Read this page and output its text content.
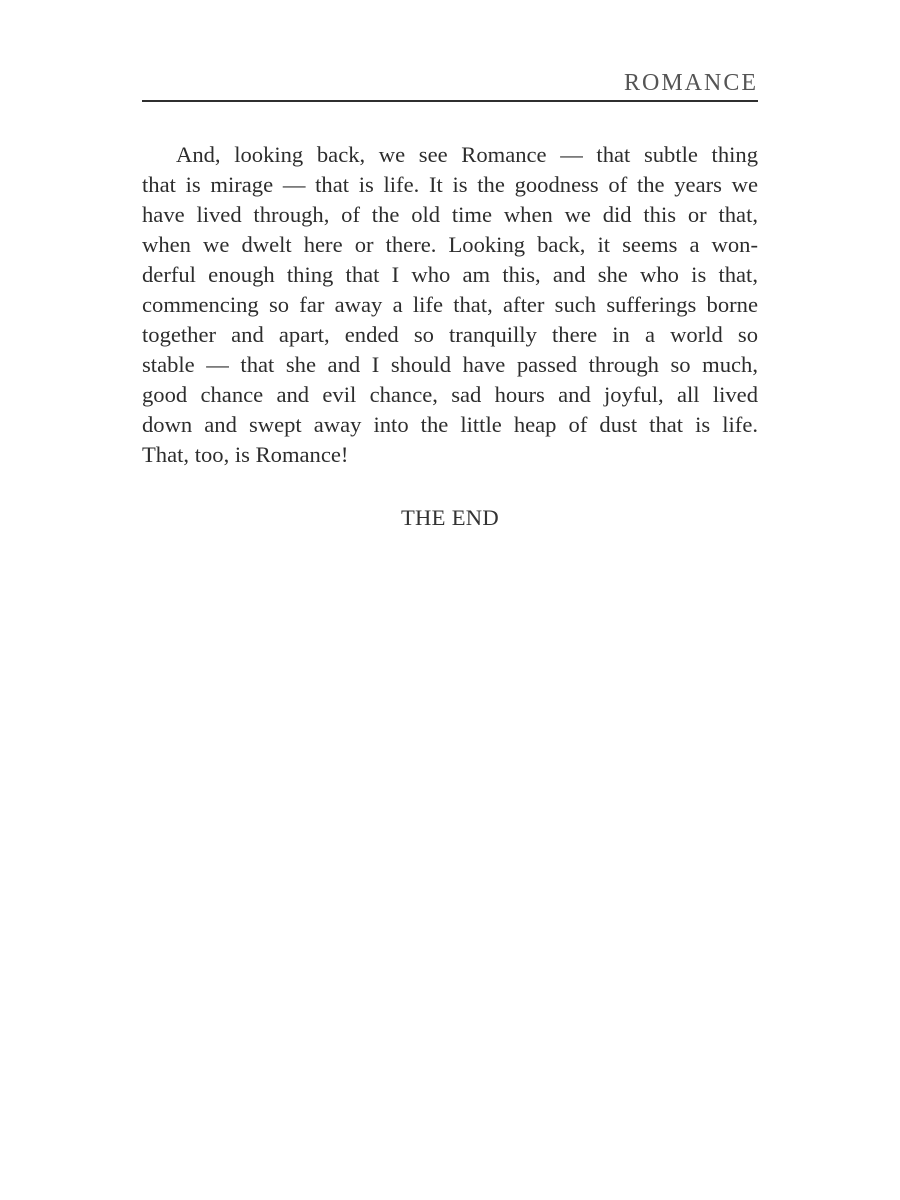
ROMANCE
And, looking back, we see Romance — that subtle thing
that is mirage — that is life. It is the goodness of the years we
have lived through, of the old time when we did this or that,
when we dwelt here or there. Looking back, it seems a won-
derful enough thing that I who am this, and she who is that,
commencing so far away a life that, after such sufferings borne
together and apart, ended so tranquilly there in a world so
stable — that she and I should have passed through so much,
good chance and evil chance, sad hours and joyful, all lived
down and swept away into the little heap of dust that is life.
That, too, is Romance!
THE END
